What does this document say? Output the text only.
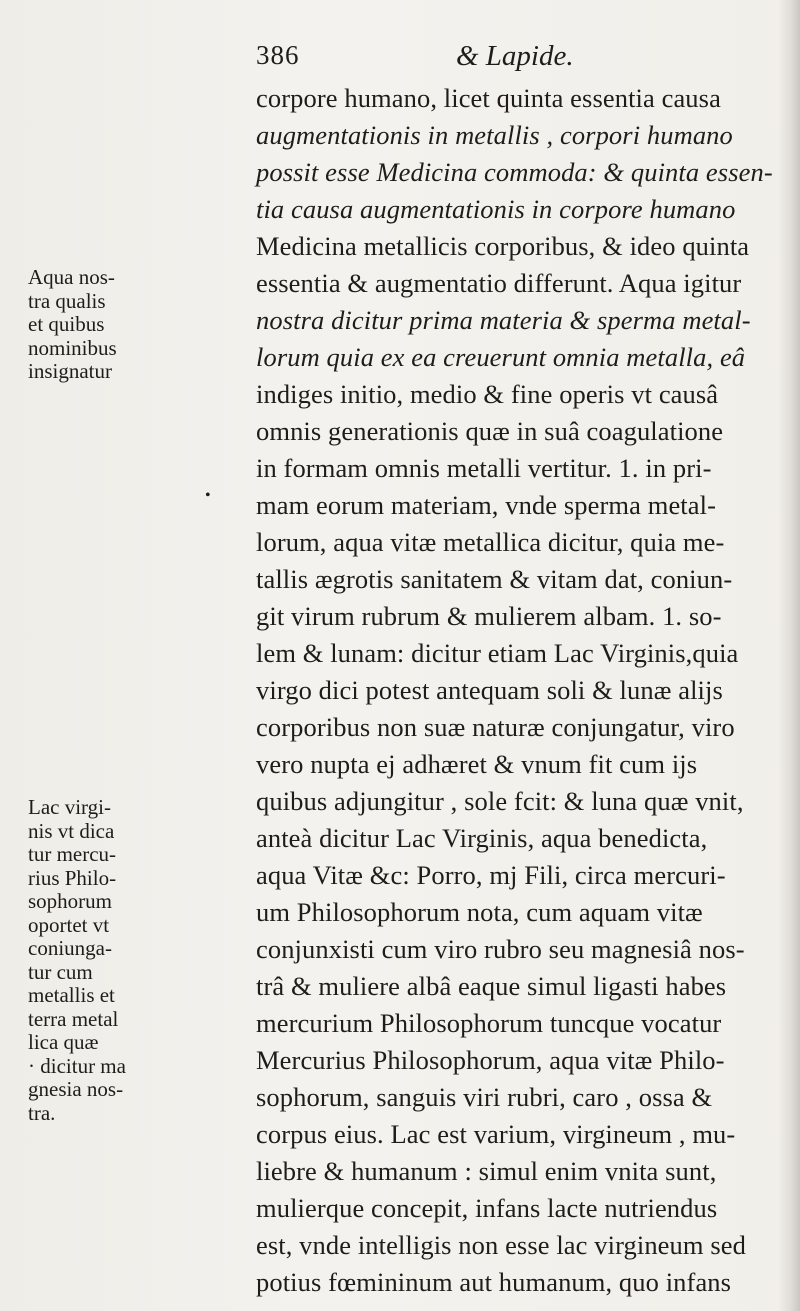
386	& Lapide.
Aqua nos-
tra qualis
et quibus
nominibus
insignatur
•
Lac virgi-
nis vt dica
tur mercu-
rius Philo-
sophorum
oportet vt
coniunga-
tur cum
metallis et
terra metal
lica quæ
· dicitur ma
gnesia nos-
tra.
corpore humano, licet quinta essentia causa
augmentationis in metallis , corpori humano
possit esse Medicina commoda: & quinta essen-
tia causa augmentationis in corpore humano
Medicina metallicis corporibus, & ideo quinta
essentia & augmentatio differunt. Aqua igitur
nostra dicitur prima materia & sperma metal-
lorum quia ex ea creuerunt omnia metalla, eâ
indiges initio, medio & fine operis vt causâ
omnis generationis quæ in suâ coagulatione
in formam omnis metalli vertitur. 1. in pri-
mam eorum materiam, vnde sperma metal-
lorum, aqua vitæ metallica dicitur, quia me-
tallis ægrotis sanitatem & vitam dat, coniun-
git virum rubrum & mulierem albam. 1. so-
lem & lunam: dicitur etiam Lac Virginis,quia
virgo dici potest antequam soli & lunæ alijs
corporibus non suæ naturæ conjungatur, viro
vero nupta ej adhæret & vnum fit cum ijs
quibus adjungitur , sole fcit: & luna quæ vnit,
anteà dicitur Lac Virginis, aqua benedicta,
aqua Vitæ &c: Porro, mj Fili, circa mercuri-
um Philosophorum nota, cum aquam vitæ
conjunxisti cum viro rubro seu magnesiâ nos-
trâ & muliere albâ eaque simul ligasti habes
mercurium Philosophorum tuncque vocatur
Mercurius Philosophorum, aqua vitæ Philo-
sophorum, sanguis viri rubri, caro , ossa &
corpus eius. Lac est varium, virgineum , mu-
liebre & humanum : simul enim vnita sunt,
mulierque concepit, infans lacte nutriendus
est, vnde intelligis non esse lac virgineum sed
potius fœmininum aut humanum, quo infans
